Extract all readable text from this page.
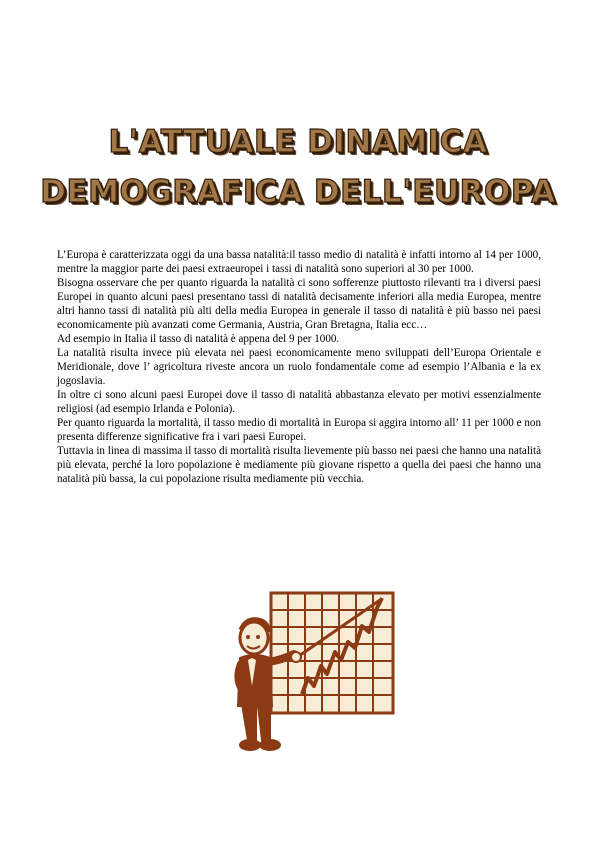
L'ATTUALE DINAMICA
DEMOGRAFICA DELL'EUROPA

L’Europa è caratterizzata oggi da una bassa natalità:il tasso medio di natalità è infatti intorno al 14 per 1000, mentre la maggior parte dei paesi extraeuropei i tassi di natalità sono superiori al 30 per 1000.

Bisogna osservare che per quanto riguarda la natalità ci sono sofferenze piuttosto rilevanti tra i diversi paesi Europei in quanto alcuni paesi presentano tassi di natalità decisamente inferiori alla media Europea, mentre altri hanno tassi di natalità più alti della media Europea in generale il tasso di natalità è più basso nei paesi economicamente più avanzati come Germania, Austria, Gran Bretagna, Italia ecc…

Ad esempio in Italia il tasso di natalità è appena del 9 per 1000.

La natalità risulta invece più elevata nei paesi economicamente meno sviluppati dell’Europa Orientale e Meridionale, dove l’ agricoltura riveste ancora un ruolo fondamentale come ad esempio l’Albania e la ex jogoslavia.

In oltre ci sono alcuni paesi Europei dove il tasso di natalità abbastanza elevato per motivi essenzialmente religiosi (ad esempio Irlanda e Polonia).

Per quanto riguarda la mortalità, il tasso medio di mortalità in Europa si aggira intorno all’ 11 per 1000 e non presenta differenze significative fra i vari paesi Europei.

Tuttavia in linea di massima il tasso di mortalità risulta lievemente più basso nei paesi che hanno una natalità più elevata, perché la loro popolazione è mediamente più giovane rispetto a quella dei paesi che hanno una natalità più bassa, la cui popolazione risulta mediamente più vecchia.
